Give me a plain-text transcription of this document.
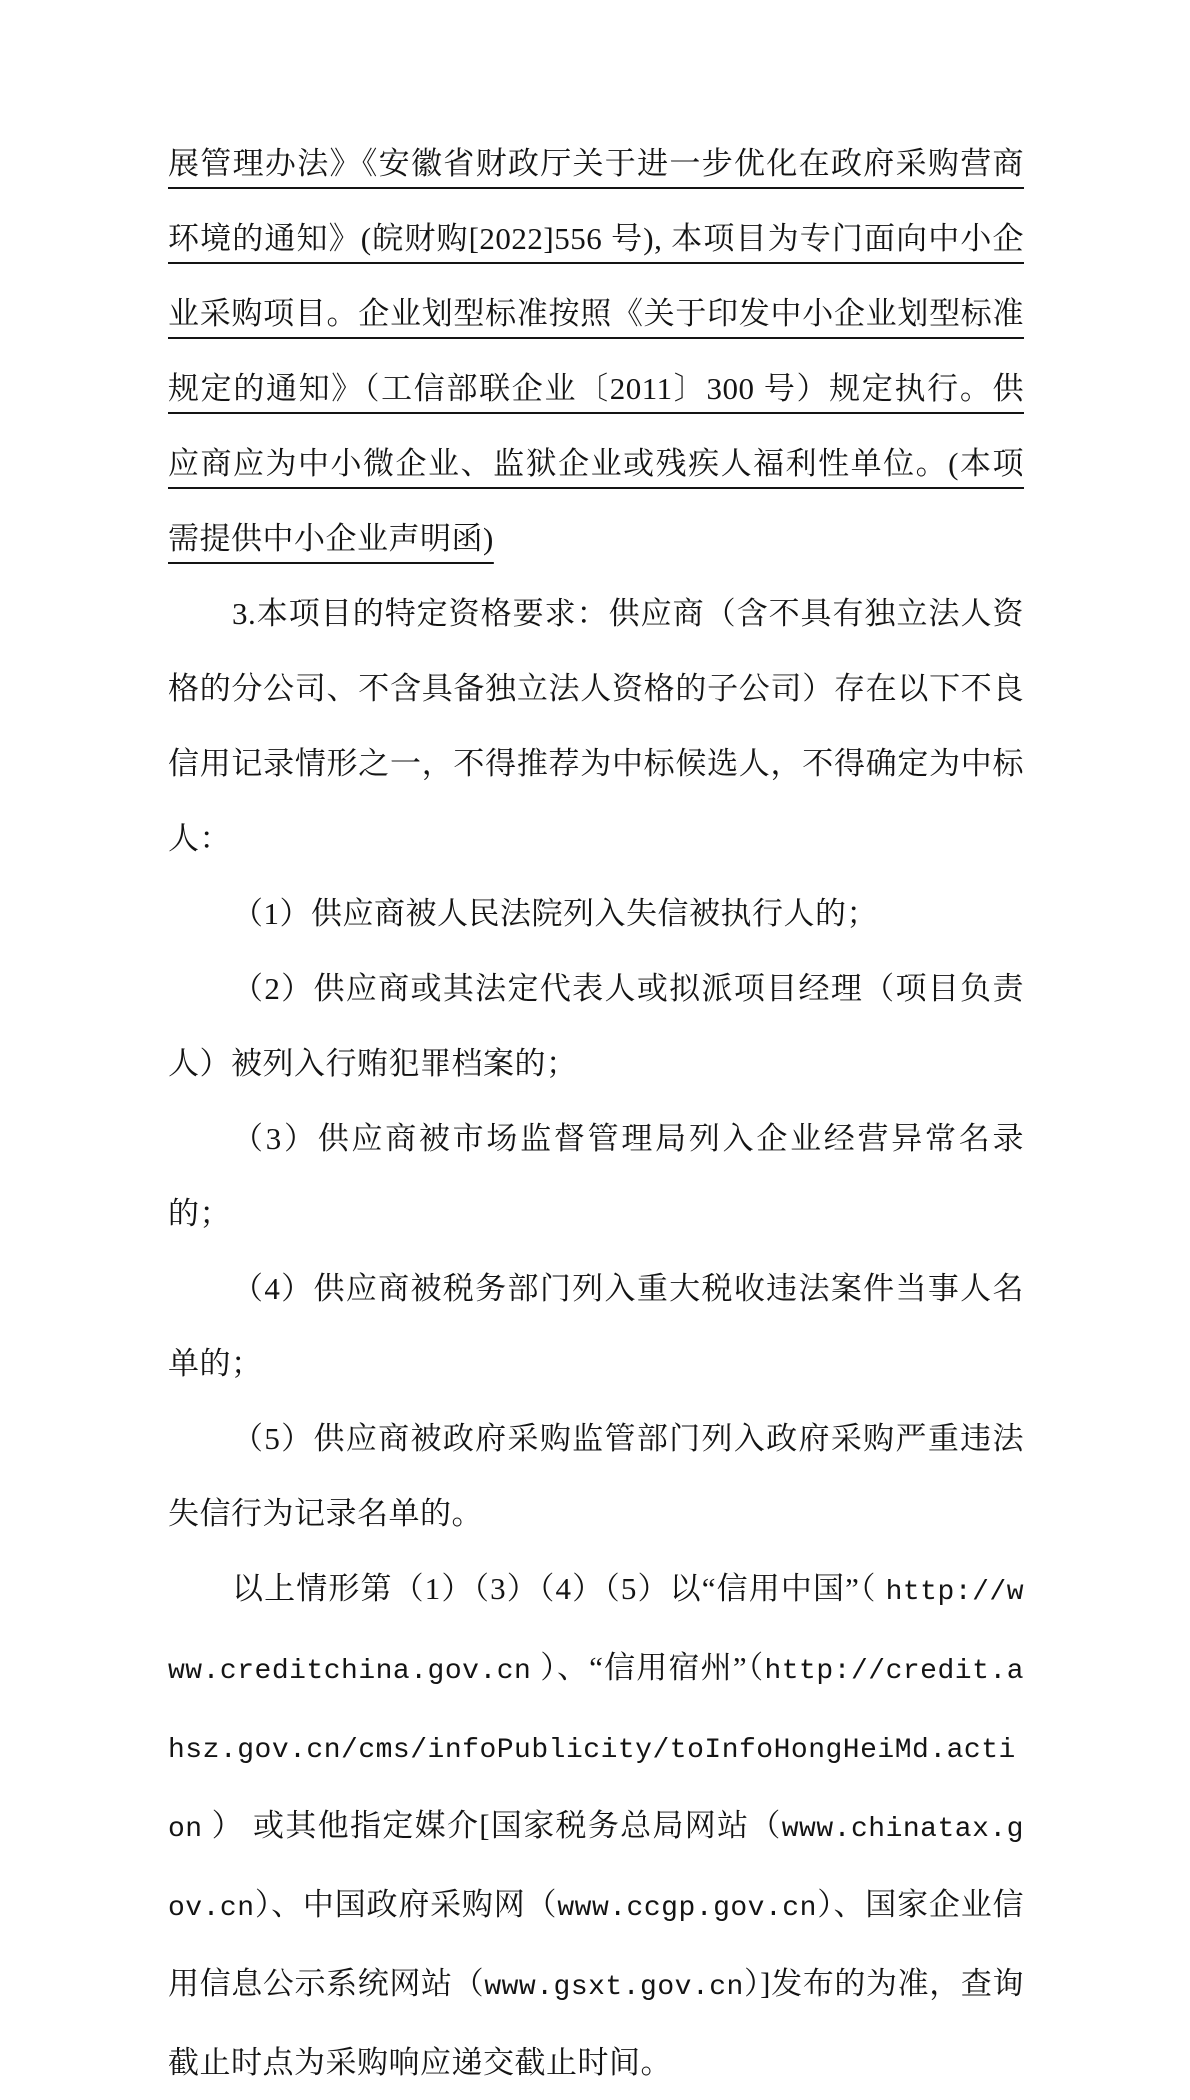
展管理办法》《安徽省财政厅关于进一步优化在政府采购营商环境的通知》(皖财购[2022]556 号), 本项目为专门面向中小企业采购项目。企业划型标准按照《关于印发中小企业划型标准规定的通知》（工信部联企业〔2011〕300 号）规定执行。供应商应为中小微企业、监狱企业或残疾人福利性单位。(本项需提供中小企业声明函)

3.本项目的特定资格要求：供应商（含不具有独立法人资格的分公司、不含具备独立法人资格的子公司）存在以下不良信用记录情形之一，不得推荐为中标候选人，不得确定为中标人：

（1）供应商被人民法院列入失信被执行人的；

（2）供应商或其法定代表人或拟派项目经理（项目负责人）被列入行贿犯罪档案的；

（3）供应商被市场监督管理局列入企业经营异常名录的；

（4）供应商被税务部门列入重大税收违法案件当事人名单的；

（5）供应商被政府采购监管部门列入政府采购严重违法失信行为记录名单的。

以上情形第（1）（3）（4）（5）以“信用中国”（ http://www.creditchina.gov.cn ）、“信用宿州”（http://credit.ahsz.gov.cn/cms/infoPublicity/toInfoHongHeiMd.action ） 或其他指定媒介[国家税务总局网站（www.chinatax.gov.cn）、中国政府采购网（www.ccgp.gov.cn）、国家企业信用信息公示系统网站（www.gsxt.gov.cn）]发布的为准，查询截止时点为采购响应递交截止时间。
